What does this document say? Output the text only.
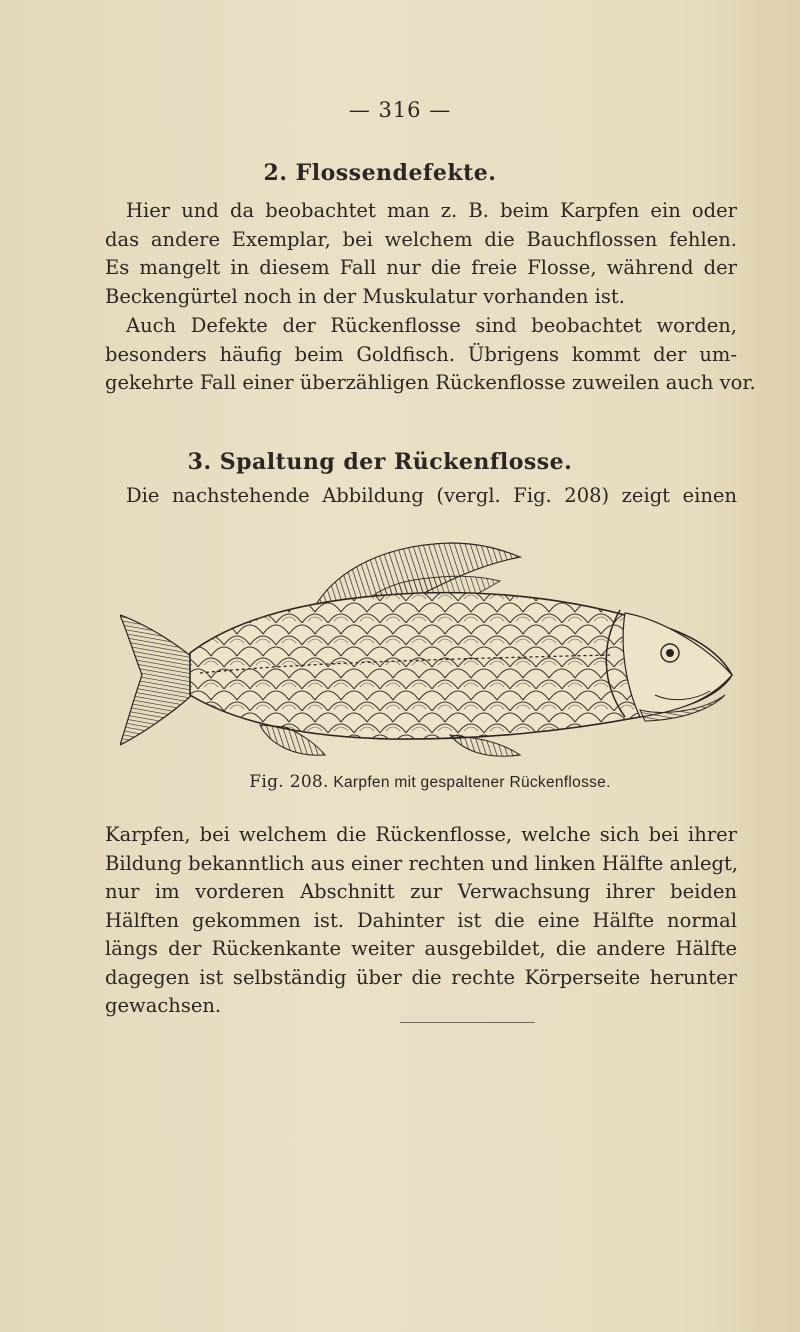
— 316 —
2. Flossendefekte.
Hier und da beobachtet man z. B. beim Karpfen ein oder
das andere Exemplar, bei welchem die Bauchflossen fehlen.
Es mangelt in diesem Fall nur die freie Flosse, während der
Beckengürtel noch in der Muskulatur vorhanden ist.
Auch Defekte der Rückenflosse sind beobachtet worden,
besonders häufig beim Goldfisch. Übrigens kommt der um-
gekehrte Fall einer überzähligen Rückenflosse zuweilen auch vor.
3. Spaltung der Rückenflosse.
Die nachstehende Abbildung (vergl. Fig. 208) zeigt einen
Fig. 208. Karpfen mit gespaltener Rückenflosse.
Karpfen, bei welchem die Rückenflosse, welche sich bei ihrer
Bildung bekanntlich aus einer rechten und linken Hälfte anlegt,
nur im vorderen Abschnitt zur Verwachsung ihrer beiden
Hälften gekommen ist. Dahinter ist die eine Hälfte normal
längs der Rückenkante weiter ausgebildet, die andere Hälfte
dagegen ist selbständig über die rechte Körperseite herunter
gewachsen.
